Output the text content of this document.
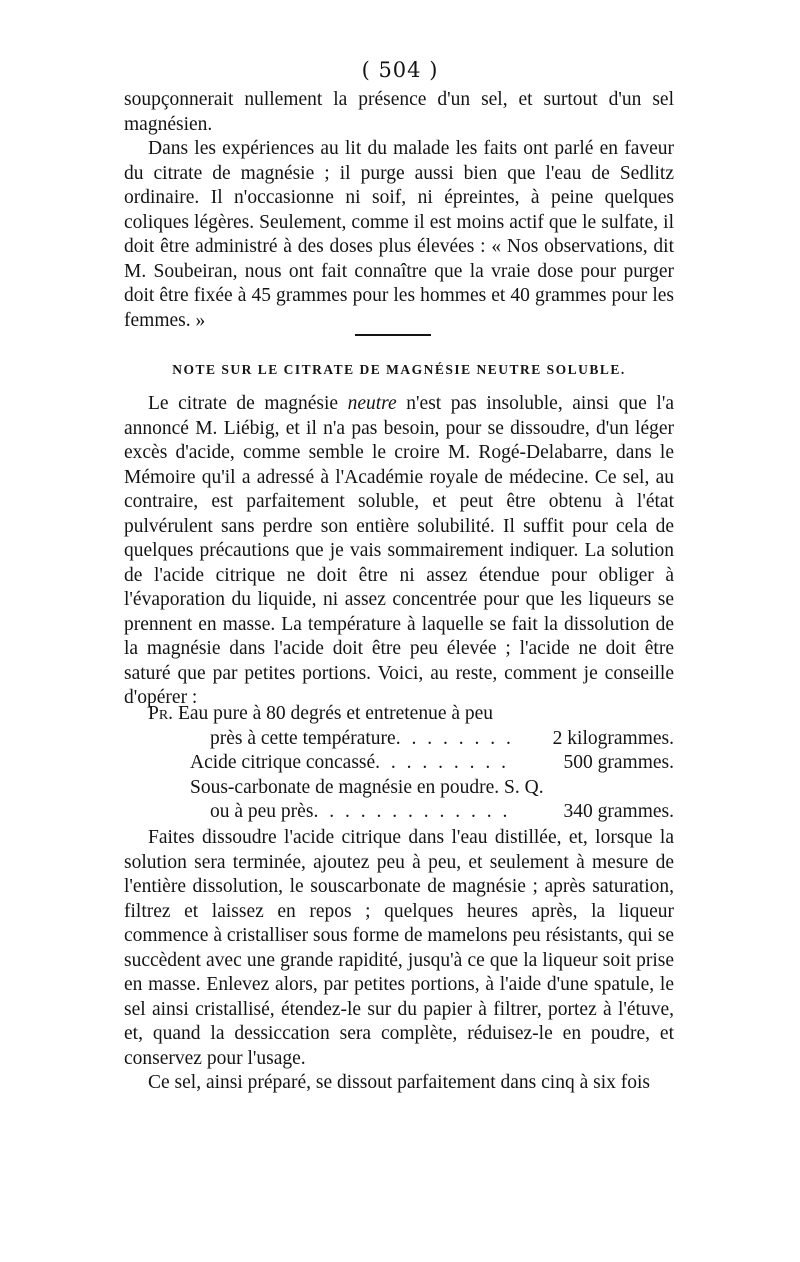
( 504 )

soupçonnerait nullement la présence d'un sel, et surtout d'un sel magnésien.

Dans les expériences au lit du malade les faits ont parlé en faveur du citrate de magnésie ; il purge aussi bien que l'eau de Sedlitz ordinaire. Il n'occasionne ni soif, ni épreintes, à peine quelques coliques légères. Seulement, comme il est moins actif que le sulfate, il doit être administré à des doses plus élevées : « Nos observations, dit M. Soubeiran, nous ont fait connaître que la vraie dose pour purger doit être fixée à 45 grammes pour les hommes et 40 grammes pour les femmes. »

NOTE SUR LE CITRATE DE MAGNÉSIE NEUTRE SOLUBLE.

Le citrate de magnésie neutre n'est pas insoluble, ainsi que l'a annoncé M. Liébig, et il n'a pas besoin, pour se dissoudre, d'un léger excès d'acide, comme semble le croire M. Rogé-Delabarre, dans le Mémoire qu'il a adressé à l'Académie royale de médecine. Ce sel, au contraire, est parfaitement soluble, et peut être obtenu à l'état pulvérulent sans perdre son entière solubilité. Il suffit pour cela de quelques précautions que je vais sommairement indiquer. La solution de l'acide citrique ne doit être ni assez étendue pour obliger à l'évaporation du liquide, ni assez concentrée pour que les liqueurs se prennent en masse. La température à laquelle se fait la dissolution de la magnésie dans l'acide doit être peu élevée ; l'acide ne doit être saturé que par petites portions. Voici, au reste, comment je conseille d'opérer :

Pr. Eau pure à 80 degrés et entretenue à peu
près à cette température. . . . . . . . 2 kilogrammes.
Acide citrique concassé. . . . . . . . .	500 grammes.
Sous-carbonate de magnésie en poudre. S. Q.
ou à peu près. . . . . . . . . . . . .	340 grammes.

Faites dissoudre l'acide citrique dans l'eau distillée, et, lorsque la solution sera terminée, ajoutez peu à peu, et seulement à mesure de l'entière dissolution, le souscarbonate de magnésie ; après saturation, filtrez et laissez en repos ; quelques heures après, la liqueur commence à cristalliser sous forme de mamelons peu résistants, qui se succèdent avec une grande rapidité, jusqu'à ce que la liqueur soit prise en masse. Enlevez alors, par petites portions, à l'aide d'une spatule, le sel ainsi cristallisé, étendez-le sur du papier à filtrer, portez à l'étuve, et, quand la dessiccation sera complète, réduisez-le en poudre, et conservez pour l'usage.

Ce sel, ainsi préparé, se dissout parfaitement dans cinq à six fois
